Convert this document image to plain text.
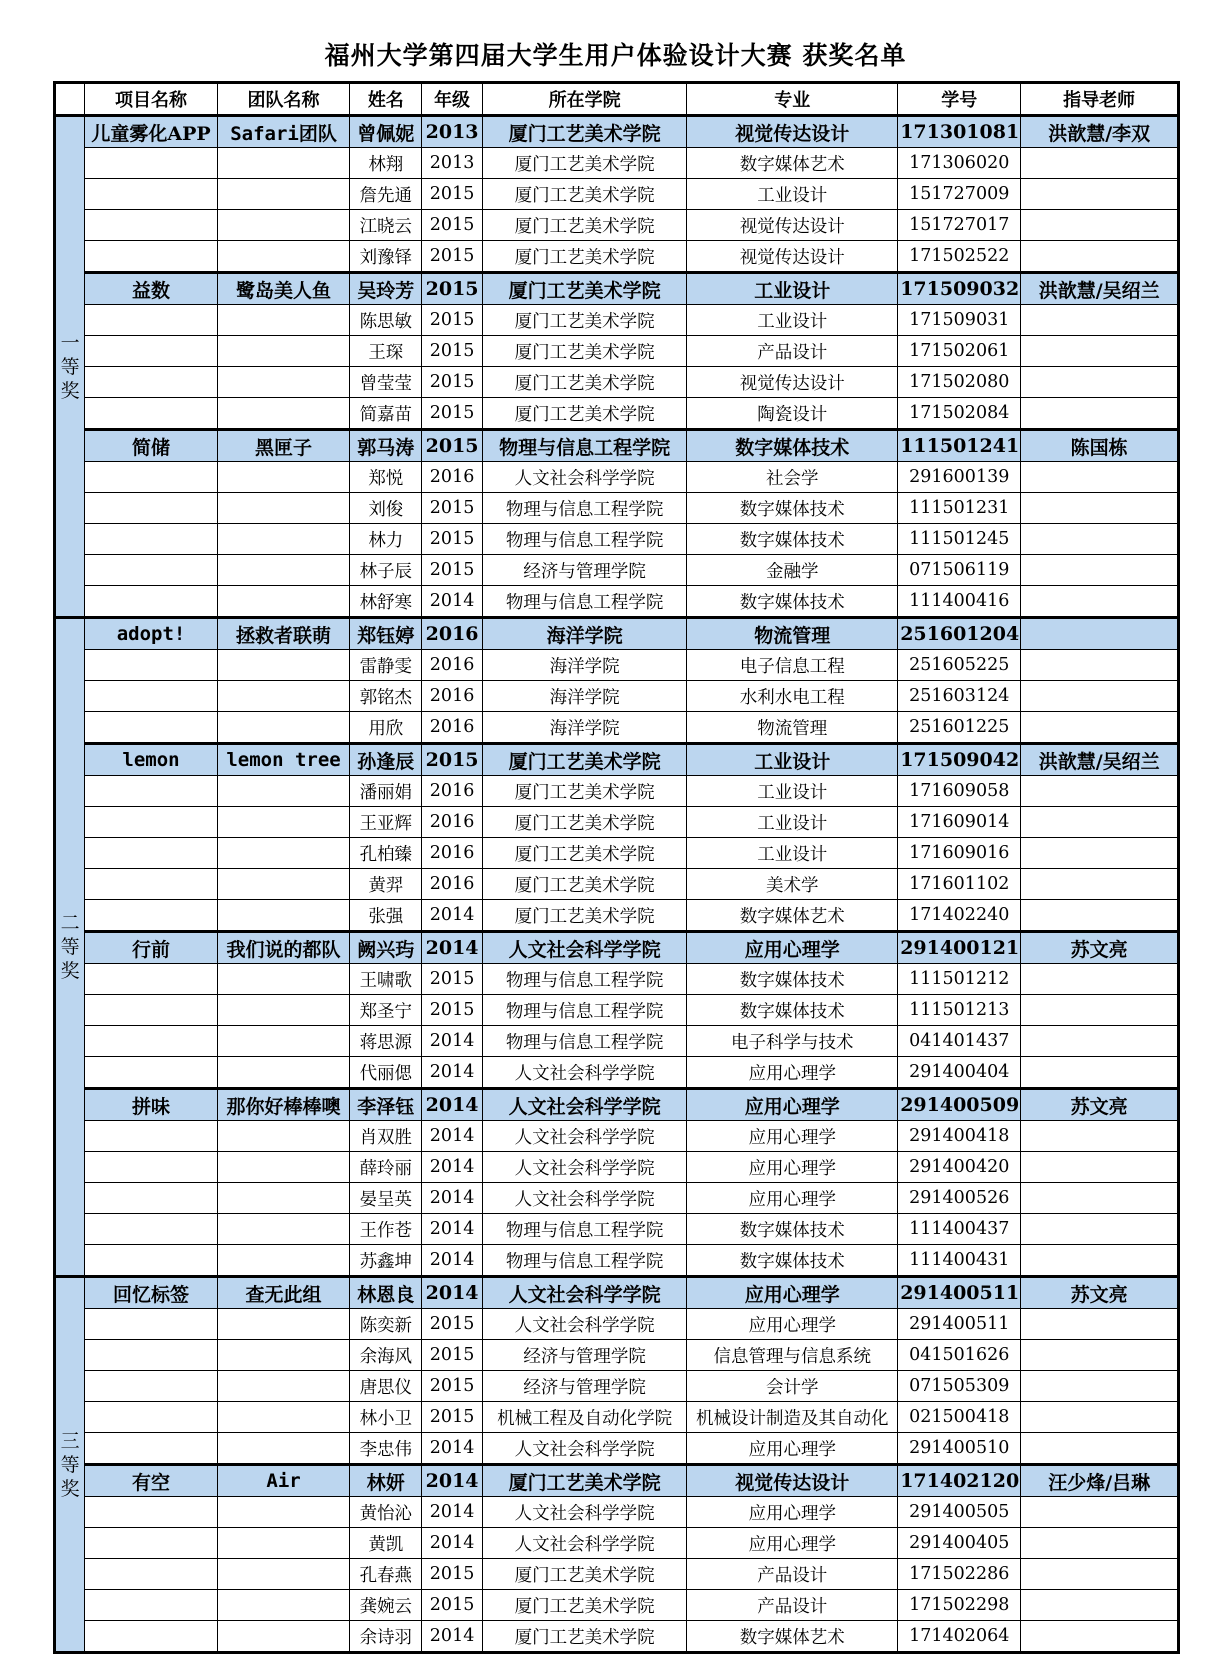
福州大学第四届大学生用户体验设计大赛 获奖名单
	项目名称	团队名称	姓名	年级	所在学院	专业	学号	指导老师

一
等
奖	儿童雾化APP	Safari团队	曾佩妮	2013	厦门工艺美术学院	视觉传达设计	171301081	洪歆慧/李双
			林翔	2013	厦门工艺美术学院	数字媒体艺术	171306020	
			詹先通	2015	厦门工艺美术学院	工业设计	151727009	
			江晓云	2015	厦门工艺美术学院	视觉传达设计	151727017	
			刘豫铎	2015	厦门工艺美术学院	视觉传达设计	171502522	
	益数	鹭岛美人鱼	吴玲芳	2015	厦门工艺美术学院	工业设计	171509032	洪歆慧/吴绍兰
			陈思敏	2015	厦门工艺美术学院	工业设计	171509031	
			王琛	2015	厦门工艺美术学院	产品设计	171502061	
			曾莹莹	2015	厦门工艺美术学院	视觉传达设计	171502080	
			简嘉苗	2015	厦门工艺美术学院	陶瓷设计	171502084	
	简储	黑匣子	郭马涛	2015	物理与信息工程学院	数字媒体技术	111501241	陈国栋
			郑悦	2016	人文社会科学学院	社会学	291600139	
			刘俊	2015	物理与信息工程学院	数字媒体技术	111501231	
			林力	2015	物理与信息工程学院	数字媒体技术	111501245	
			林子辰	2015	经济与管理学院	金融学	071506119	
			林舒寒	2014	物理与信息工程学院	数字媒体技术	111400416	

二
等
奖	adopt!	拯救者联萌	郑钰婷	2016	海洋学院	物流管理	251601204	
			雷静雯	2016	海洋学院	电子信息工程	251605225	
			郭铭杰	2016	海洋学院	水利水电工程	251603124	
			用欣	2016	海洋学院	物流管理	251601225	
	lemon	lemon tree	孙逢辰	2015	厦门工艺美术学院	工业设计	171509042	洪歆慧/吴绍兰
			潘丽娟	2016	厦门工艺美术学院	工业设计	171609058	
			王亚辉	2016	厦门工艺美术学院	工业设计	171609014	
			孔柏臻	2016	厦门工艺美术学院	工业设计	171609016	
			黄羿	2016	厦门工艺美术学院	美术学	171601102	
			张强	2014	厦门工艺美术学院	数字媒体艺术	171402240	
	行前	我们说的都队	阙兴玙	2014	人文社会科学学院	应用心理学	291400121	苏文亮
			王啸歌	2015	物理与信息工程学院	数字媒体技术	111501212	
			郑圣宁	2015	物理与信息工程学院	数字媒体技术	111501213	
			蒋思源	2014	物理与信息工程学院	电子科学与技术	041401437	
			代丽偲	2014	人文社会科学学院	应用心理学	291400404	
	拼味	那你好棒棒噢	李泽钰	2014	人文社会科学学院	应用心理学	291400509	苏文亮
			肖双胜	2014	人文社会科学学院	应用心理学	291400418	
			薛玲丽	2014	人文社会科学学院	应用心理学	291400420	
			晏呈英	2014	人文社会科学学院	应用心理学	291400526	
			王作苍	2014	物理与信息工程学院	数字媒体技术	111400437	
			苏鑫坤	2014	物理与信息工程学院	数字媒体技术	111400431	

三
等
奖	回忆标签	查无此组	林恩良	2014	人文社会科学学院	应用心理学	291400511	苏文亮
			陈奕新	2015	人文社会科学学院	应用心理学	291400511	
			余海风	2015	经济与管理学院	信息管理与信息系统	041501626	
			唐思仪	2015	经济与管理学院	会计学	071505309	
			林小卫	2015	机械工程及自动化学院	机械设计制造及其自动化	021500418	
			李忠伟	2014	人文社会科学学院	应用心理学	291400510	
	有空	Air	林妍	2014	厦门工艺美术学院	视觉传达设计	171402120	汪少烽/吕琳
			黄怡沁	2014	人文社会科学学院	应用心理学	291400505	
			黄凯	2014	人文社会科学学院	应用心理学	291400405	
			孔春燕	2015	厦门工艺美术学院	产品设计	171502286	
			龚婉云	2015	厦门工艺美术学院	产品设计	171502298	
			余诗羽	2014	厦门工艺美术学院	数字媒体艺术	171402064	
